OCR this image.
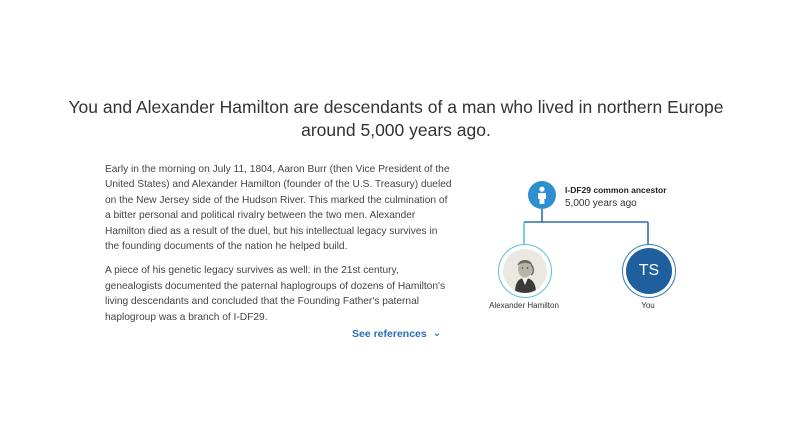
You and Alexander Hamilton are descendants of a man who lived in northern Europe around 5,000 years ago.

Early in the morning on July 11, 1804, Aaron Burr (then Vice President of the United States) and Alexander Hamilton (founder of the U.S. Treasury) dueled on the New Jersey side of the Hudson River. This marked the culmination of a bitter personal and political rivalry between the two men. Alexander Hamilton died as a result of the duel, but his intellectual legacy survives in the founding documents of the nation he helped build.

A piece of his genetic legacy survives as well: in the 21st century, genealogists documented the paternal haplogroups of dozens of Hamilton's living descendants and concluded that the Founding Father's paternal haplogroup was a branch of I-DF29.

See references ⌄
I-DF29 common ancestor
5,000 years ago
Alexander Hamilton
TS
You
